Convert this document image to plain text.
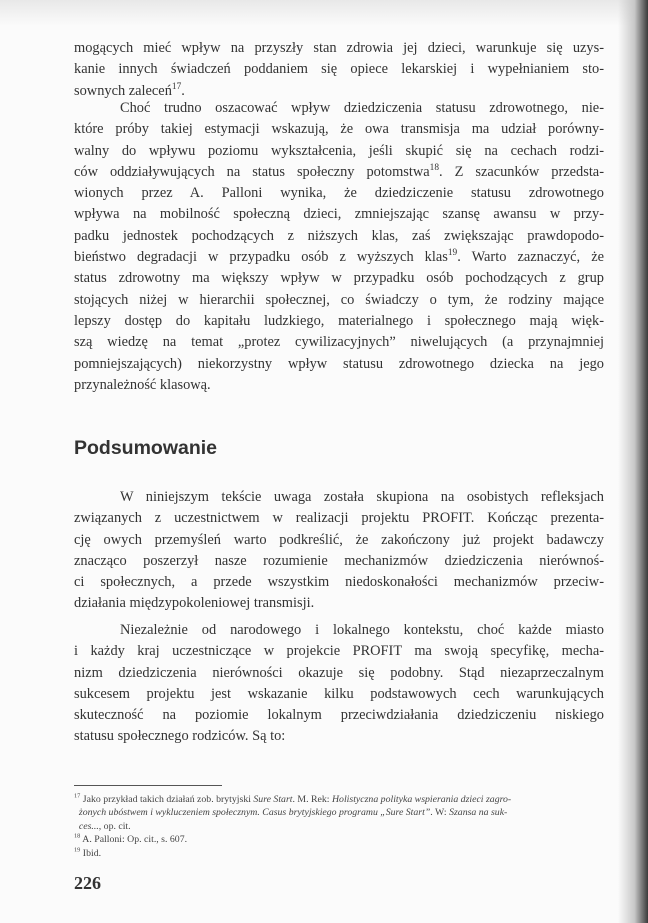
mogących mieć wpływ na przyszły stan zdrowia jej dzieci, warunkuje się uzys-
kanie innych świadczeń poddaniem się opiece lekarskiej i wypełnianiem sto-
sownych zaleceń$^{17}$.
Choć trudno oszacować wpływ dziedziczenia statusu zdrowotnego, nie-
które próby takiej estymacji wskazują, że owa transmisja ma udział porówny-
walny do wpływu poziomu wykształcenia, jeśli skupić się na cechach rodzi-
ców oddziaływujących na status społeczny potomstwa$^{18}$. Z szacunków przedsta-
wionych przez A. Palloni wynika, że dziedziczenie statusu zdrowotnego
wpływa na mobilność społeczną dzieci, zmniejszając szansę awansu w przy-
padku jednostek pochodzących z niższych klas, zaś zwiększając prawdopodo-
bieństwo degradacji w przypadku osób z wyższych klas$^{19}$. Warto zaznaczyć, że
status zdrowotny ma większy wpływ w przypadku osób pochodzących z grup
stojących niżej w hierarchii społecznej, co świadczy o tym, że rodziny mające
lepszy dostęp do kapitału ludzkiego, materialnego i społecznego mają więk-
szą wiedzę na temat „protez cywilizacyjnych” niwelujących (a przynajmniej
pomniejszających) niekorzystny wpływ statusu zdrowotnego dziecka na jego
przynależność klasową.
Podsumowanie
W niniejszym tekście uwaga została skupiona na osobistych refleksjach
związanych z uczestnictwem w realizacji projektu PROFIT. Kończąc prezenta-
cję owych przemyśleń warto podkreślić, że zakończony już projekt badawczy
znacząco poszerzył nasze rozumienie mechanizmów dziedziczenia nierównoś-
ci społecznych, a przede wszystkim niedoskonałości mechanizmów przeciw-
działania międzypokoleniowej transmisji.
Niezależnie od narodowego i lokalnego kontekstu, choć każde miasto
i każdy kraj uczestniczące w projekcie PROFIT ma swoją specyfikę, mecha-
nizm dziedziczenia nierówności okazuje się podobny. Stąd niezaprzeczalnym
sukcesem projektu jest wskazanie kilku podstawowych cech warunkujących
skuteczność na poziomie lokalnym przeciwdziałania dziedziczeniu niskiego
statusu społecznego rodziców. Są to:
$^{17}$ Jako przykład takich działań zob. brytyjski Sure Start. M. Rek: Holistyczna polityka wspierania dzieci zagro-
żonych ubóstwem i wykluczeniem społecznym. Casus brytyjskiego programu „Sure Start”. W: Szansa na suk-
ces..., op. cit.
$^{18}$ A. Palloni: Op. cit., s. 607.
$^{19}$ Ibid.
226
